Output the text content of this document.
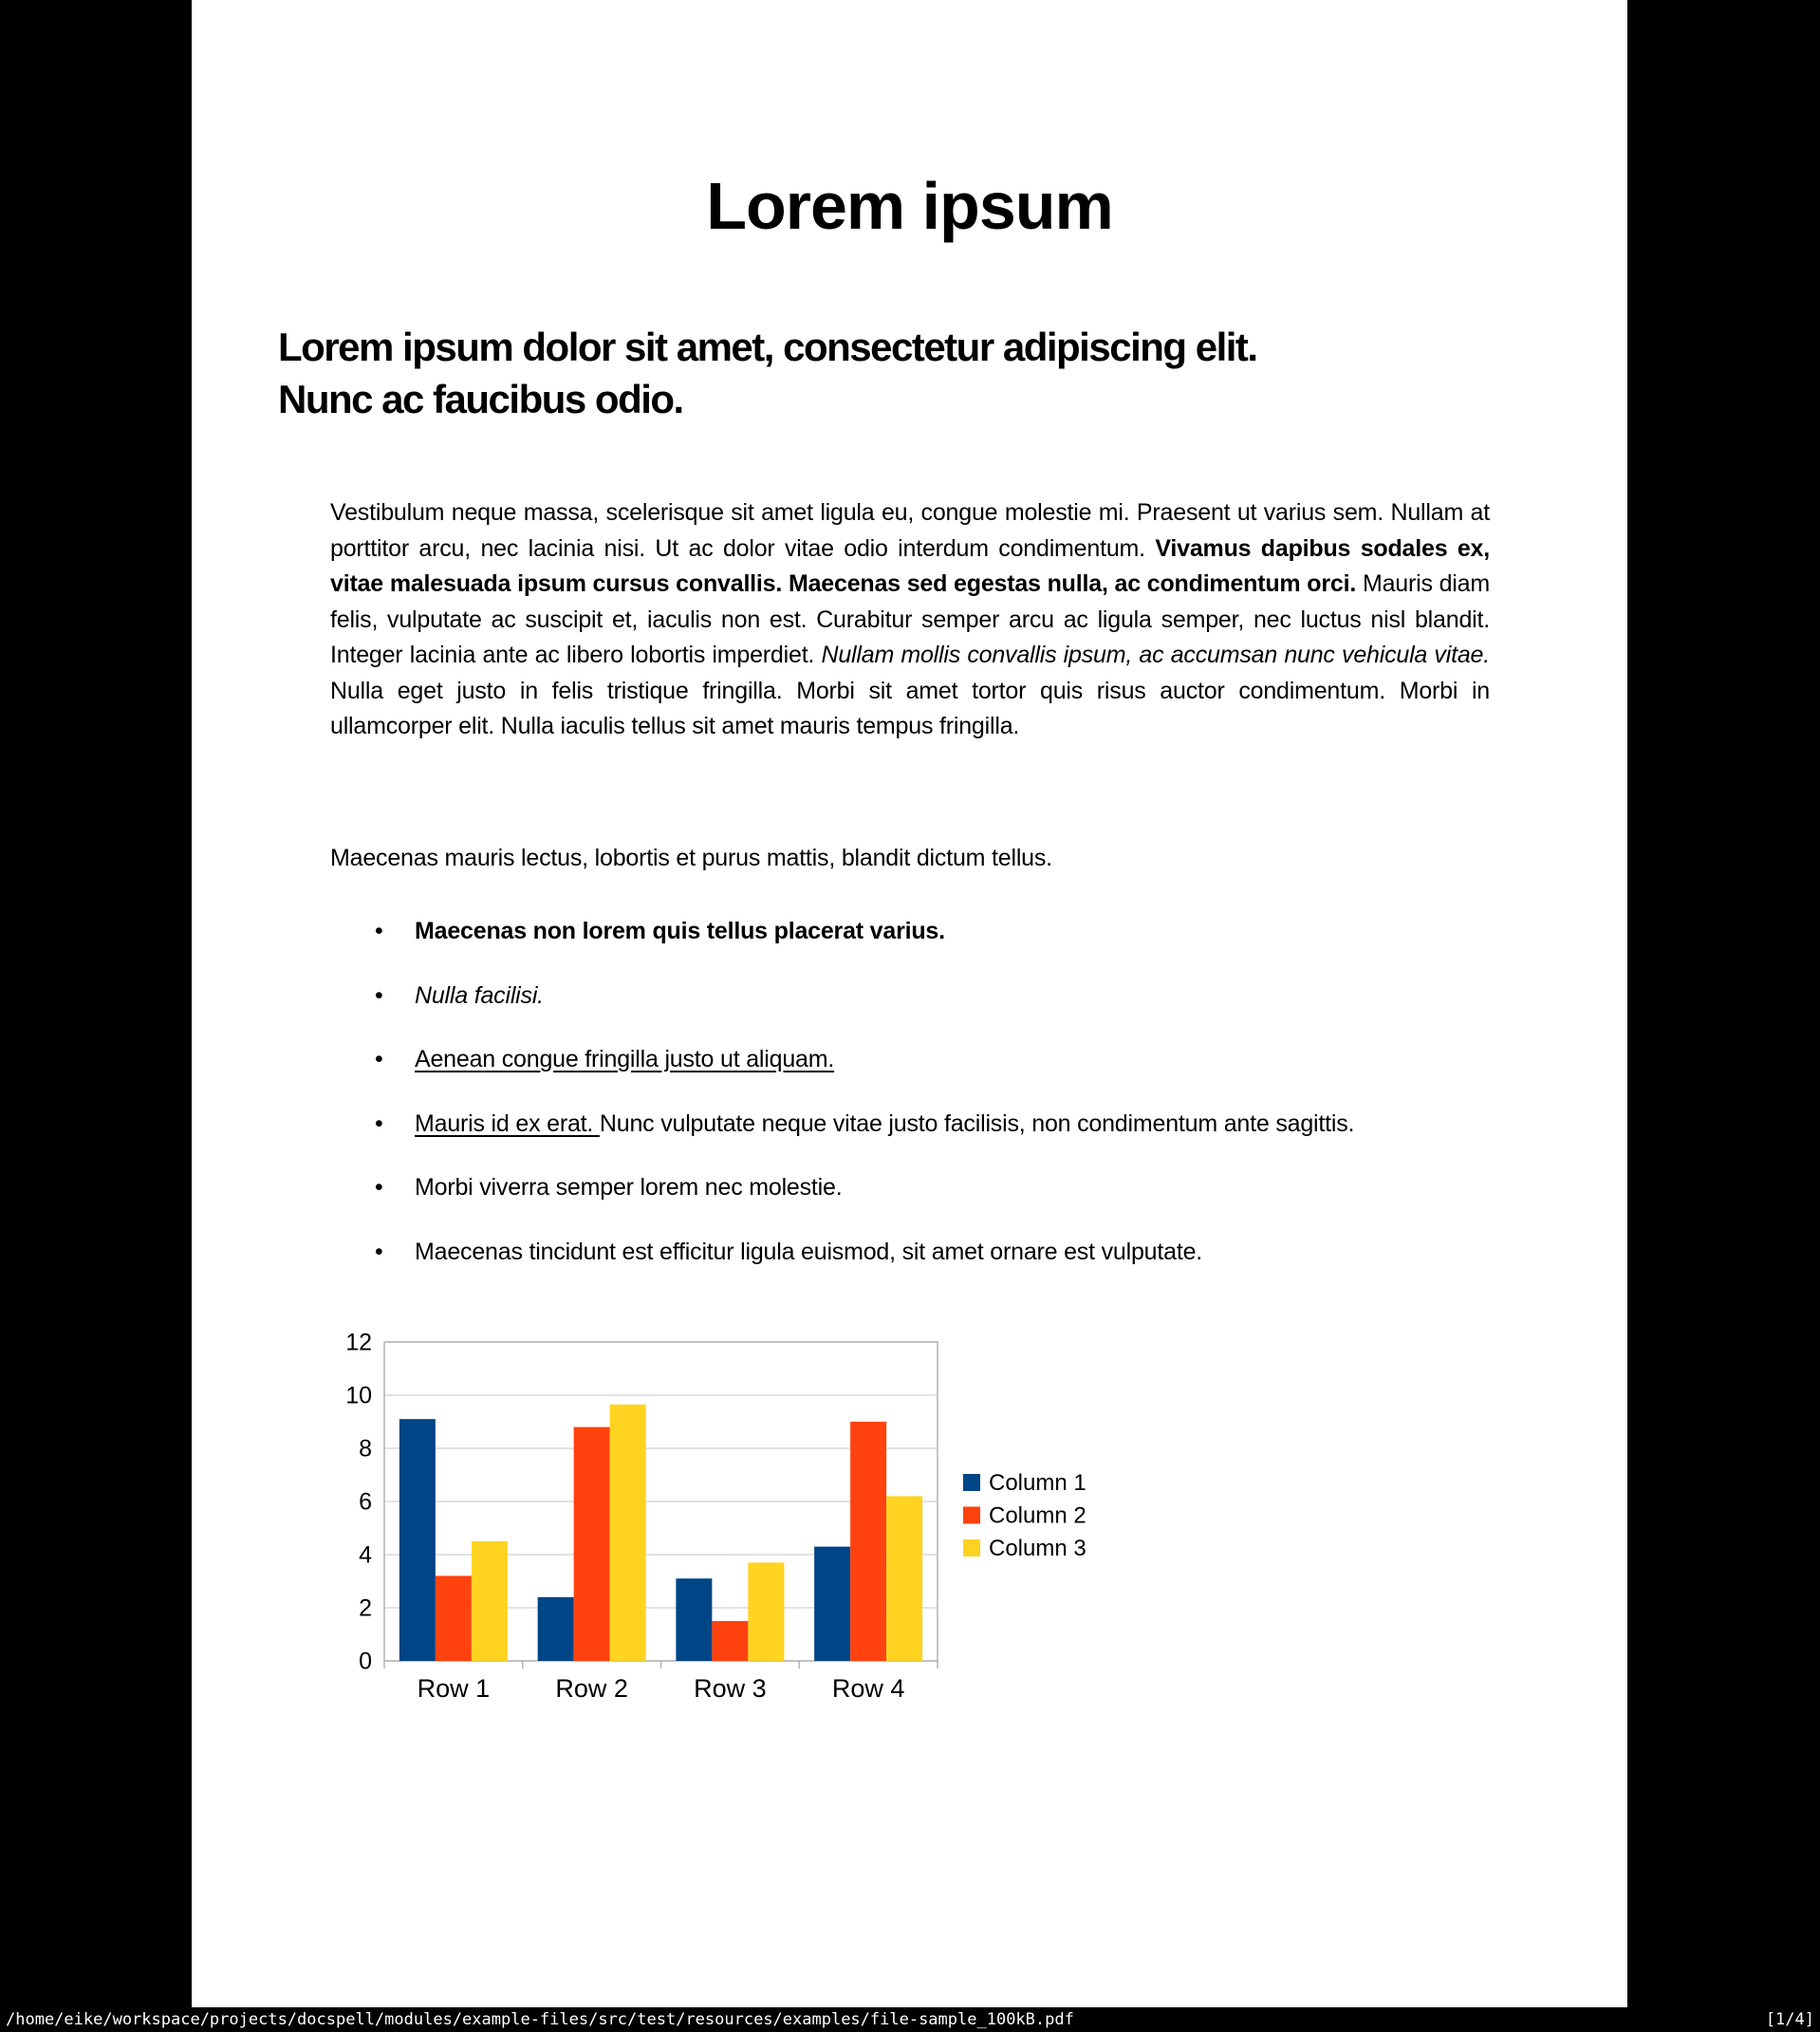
Lorem ipsum
Lorem ipsum dolor sit amet, consectetur adipiscing elit.
Nunc ac faucibus odio.

Vestibulum neque massa, scelerisque sit amet ligula eu, congue molestie mi. Praesent ut varius sem. Nullam at porttitor arcu, nec lacinia nisi. Ut ac dolor vitae odio interdum condimentum. Vivamus dapibus sodales ex, vitae malesuada ipsum cursus convallis. Maecenas sed egestas nulla, ac condimentum orci. Mauris diam felis, vulputate ac suscipit et, iaculis non est. Curabitur semper arcu ac ligula semper, nec luctus nisl blandit. Integer lacinia ante ac libero lobortis imperdiet. Nullam mollis convallis ipsum, ac accumsan nunc vehicula vitae. Nulla eget justo in felis tristique fringilla. Morbi sit amet tortor quis risus auctor condimentum. Morbi in ullamcorper elit. Nulla iaculis tellus sit amet mauris tempus fringilla.

Maecenas mauris lectus, lobortis et purus mattis, blandit dictum tellus.

• Maecenas non lorem quis tellus placerat varius.
• Nulla facilisi.
• Aenean congue fringilla justo ut aliquam.
• Mauris id ex erat. Nunc vulputate neque vitae justo facilisis, non condimentum ante sagittis.
• Morbi viverra semper lorem nec molestie.
• Maecenas tincidunt est efficitur ligula euismod, sit amet ornare est vulputate.
0
2
4
6
8
10
12
Row 1	Row 2	Row 3	Row 4
Column 1
Column 2
Column 3
/home/eike/workspace/projects/docspell/modules/example-files/src/test/resources/examples/file-sample_100kB.pdf	[1/4]
